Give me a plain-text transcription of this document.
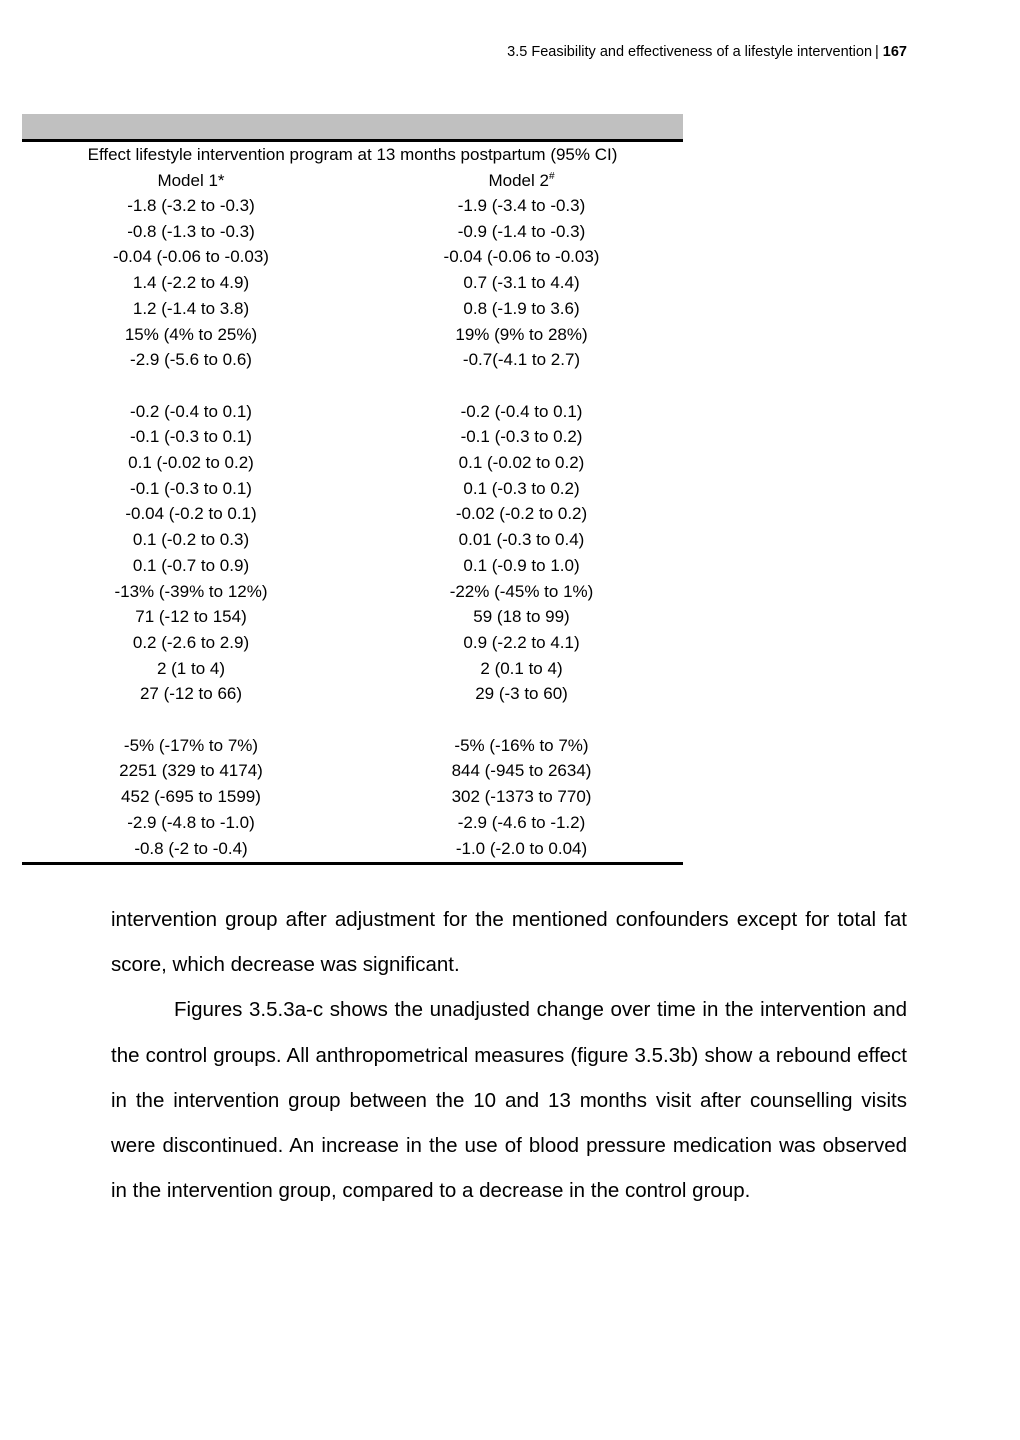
3.5 Feasibility and effectiveness of a lifestyle intervention | 167
Effect lifestyle intervention program at 13 months postpartum (95% CI)	
Model 1*	Model 2#
-1.8 (-3.2 to -0.3)	-1.9 (-3.4 to -0.3)
-0.8 (-1.3 to -0.3)	-0.9 (-1.4 to -0.3)
-0.04 (-0.06 to -0.03)	-0.04 (-0.06 to -0.03)
1.4 (-2.2 to 4.9)	0.7 (-3.1 to 4.4)
1.2 (-1.4 to 3.8)	0.8 (-1.9 to 3.6)
15% (4% to 25%)	19% (9% to 28%)
-2.9 (-5.6 to 0.6)	-0.7(-4.1 to 2.7)

-0.2 (-0.4 to 0.1)	-0.2 (-0.4 to 0.1)
-0.1 (-0.3 to 0.1)	-0.1 (-0.3 to 0.2)
0.1 (-0.02 to 0.2)	0.1 (-0.02 to 0.2)
-0.1 (-0.3 to 0.1)	0.1 (-0.3 to 0.2)
-0.04 (-0.2 to 0.1)	-0.02 (-0.2 to 0.2)
0.1 (-0.2 to 0.3)	0.01 (-0.3 to 0.4)
0.1 (-0.7 to 0.9)	0.1 (-0.9 to 1.0)
-13% (-39% to 12%)	-22% (-45% to 1%)
71 (-12 to 154)	59 (18 to 99)
0.2 (-2.6 to 2.9)	0.9 (-2.2 to 4.1)
2 (1 to 4)	2 (0.1 to 4)
27 (-12 to 66)	29 (-3 to 60)

-5% (-17% to 7%)	-5% (-16% to 7%)
2251 (329 to 4174)	844 (-945 to 2634)
452 (-695 to 1599)	302 (-1373 to 770)
-2.9 (-4.8 to -1.0)	-2.9 (-4.6 to -1.2)
-0.8 (-2 to -0.4)	-1.0 (-2.0 to 0.04)

intervention group after adjustment for the mentioned confounders except for total fat score, which decrease was significant.

Figures 3.5.3a-c shows the unadjusted change over time in the intervention and the control groups. All anthropometrical measures (figure 3.5.3b) show a rebound effect in the intervention group between the 10 and 13 months visit after counselling visits were discontinued. An increase in the use of blood pressure medication was observed in the intervention group, compared to a decrease in the control group.
